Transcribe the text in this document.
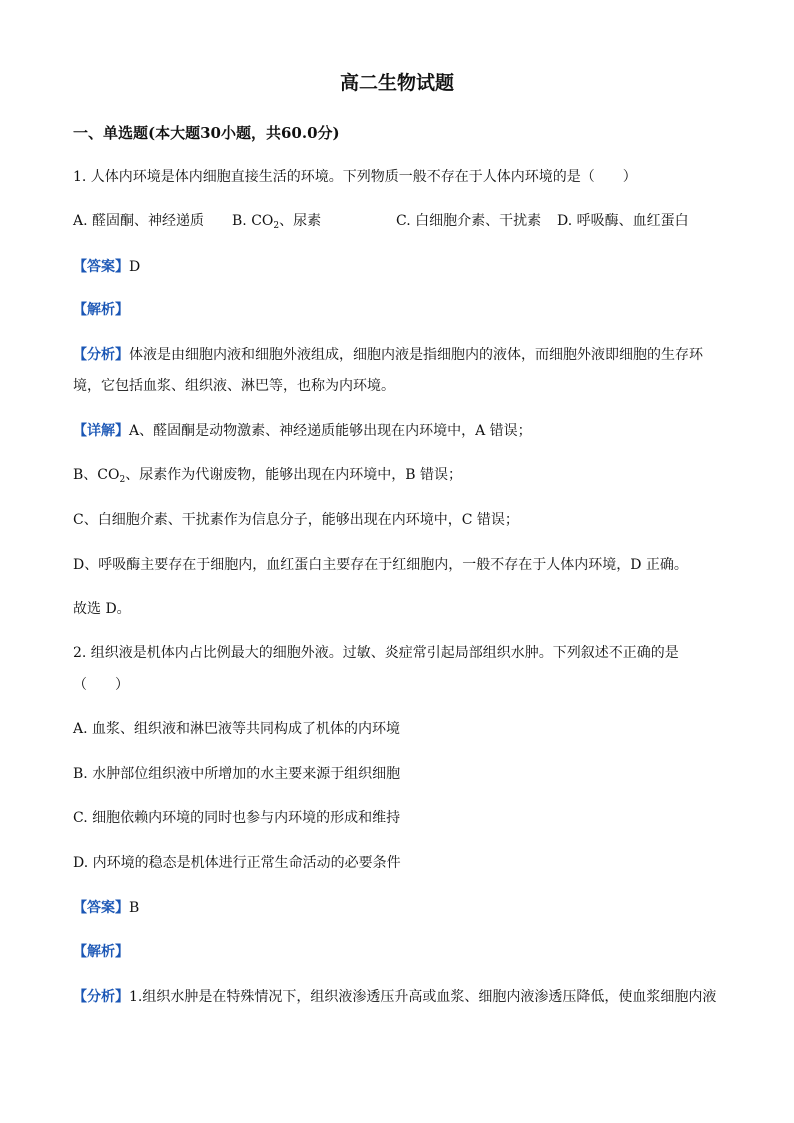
高二生物试题
一、单选题(本大题30小题，共60.0分)
1. 人体内环境是体内细胞直接生活的环境。下列物质一般不存在于人体内环境的是（　　）
A. 醛固酮、神经递质 B. $CO_2$、尿素	C. 白细胞介素、干扰素 D. 呼吸酶、血红蛋白
【答案】D
【解析】
【分析】体液是由细胞内液和细胞外液组成，细胞内液是指细胞内的液体，而细胞外液即细胞的生存环
境，它包括血浆、组织液、淋巴等，也称为内环境。
【详解】A、醛固酮是动物激素、神经递质能够出现在内环境中，A 错误；
B、$CO_2$、尿素作为代谢废物，能够出现在内环境中，B 错误；
C、白细胞介素、干扰素作为信息分子，能够出现在内环境中，C 错误；
D、呼吸酶主要存在于细胞内，血红蛋白主要存在于红细胞内，一般不存在于人体内环境，D 正确。
故选 D。
2. 组织液是机体内占比例最大的细胞外液。过敏、炎症常引起局部组织水肿。下列叙述不正确的是
（　　）
A. 血浆、组织液和淋巴液等共同构成了机体的内环境
B. 水肿部位组织液中所增加的水主要来源于组织细胞
C. 细胞依赖内环境的同时也参与内环境的形成和维持
D. 内环境的稳态是机体进行正常生命活动的必要条件
【答案】B
【解析】
【分析】1.组织水肿是在特殊情况下，组织液渗透压升高或血浆、细胞内液渗透压降低，使血浆细胞内液
